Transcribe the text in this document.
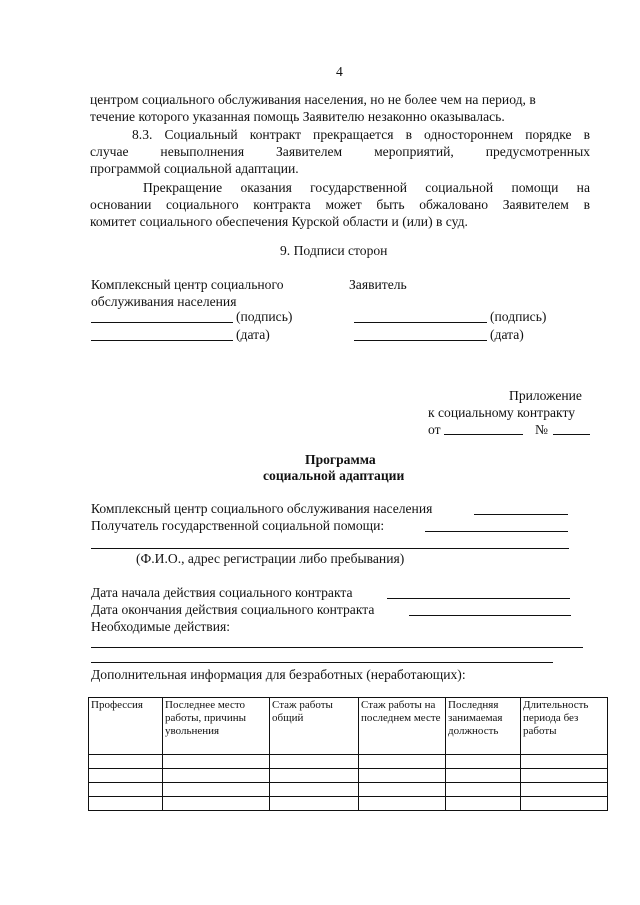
4
центром социального обслуживания населения, но не более чем на период, в
течение которого указанная помощь Заявителю незаконно оказывалась.
8.3. Социальный контракт прекращается в одностороннем порядке в
случае невыполнения Заявителем мероприятий, предусмотренных
программой социальной адаптации.
Прекращение оказания государственной социальной помощи на
основании социального контракта может быть обжаловано Заявителем в
комитет социального обеспечения Курской области и (или) в суд.
9. Подписи сторон
Комплексный центр социального
обслуживания населения
Заявитель
(подпись)
(дата)
(подпись)
(дата)
Приложение
к социальному контракту
от	№
Программа
социальной адаптации
Комплексный центр социального обслуживания населения
Получатель государственной социальной помощи:
(Ф.И.О., адрес регистрации либо пребывания)
Дата начала действия социального контракта
Дата окончания действия социального контракта
Необходимые действия:
Дополнительная информация для безработных (неработающих):
Профессия	Последнее место работы, причины увольнения	Стаж работы общий	Стаж работы на последнем месте	Последняя занимаемая должность	Длительность периода без работы
